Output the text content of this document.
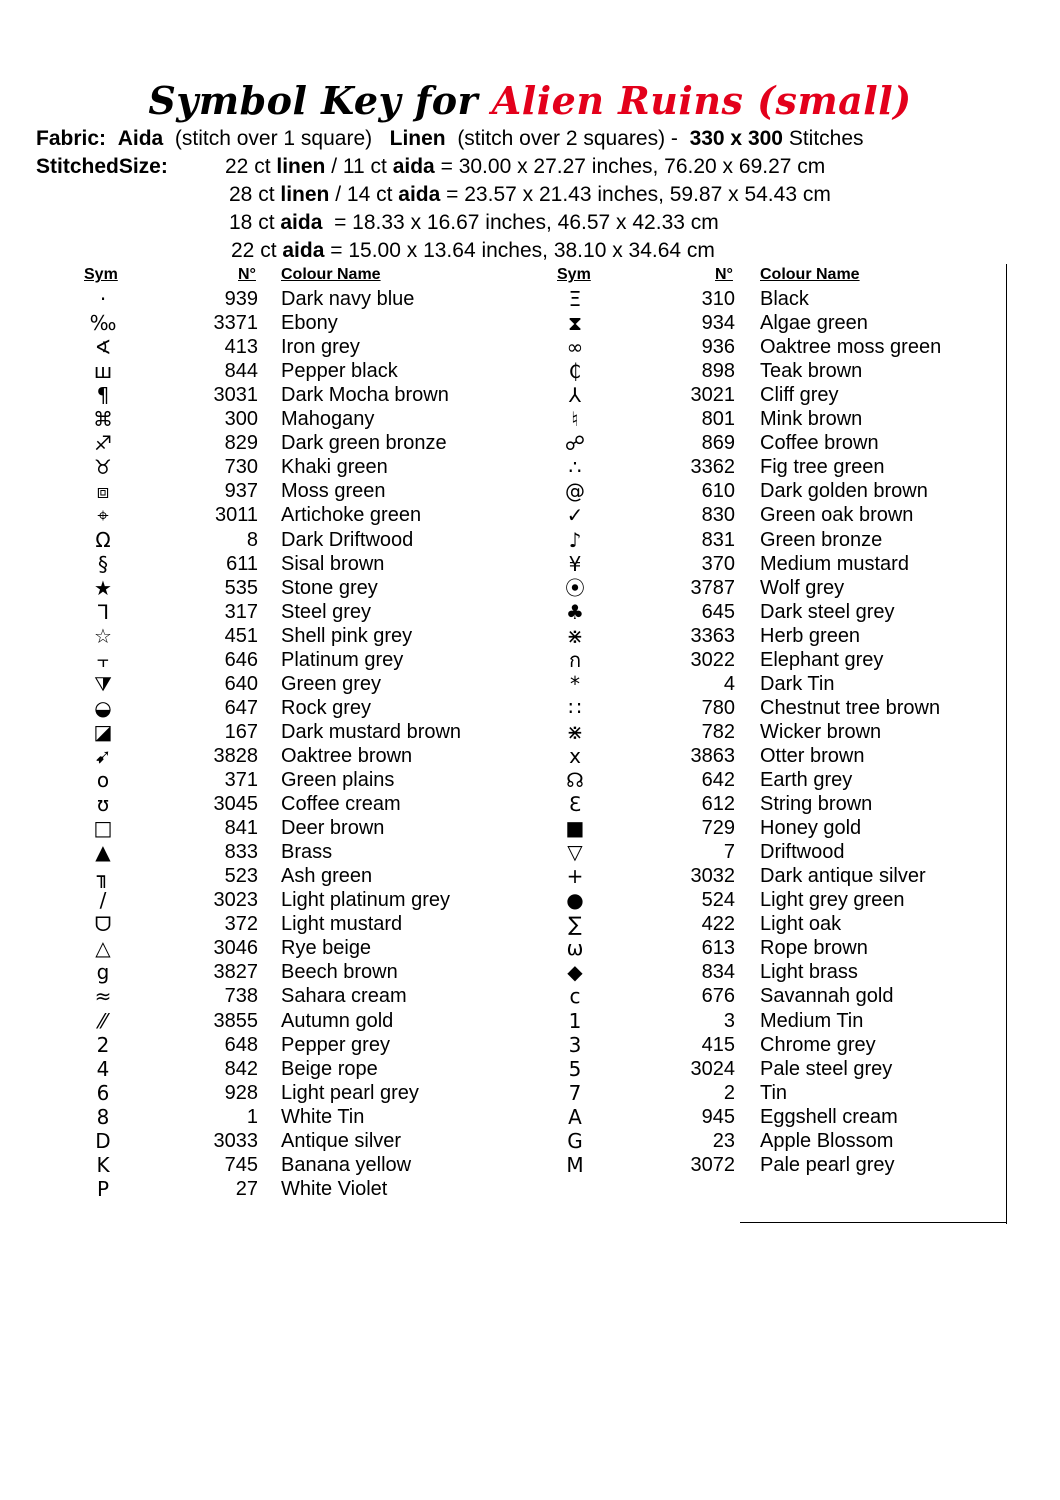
Symbol Key for Alien Ruins (small)
Fabric: Aida (stitch over 1 square) Linen (stitch over 2 squares) - 330 x 300 Stitches
StitchedSize:	22 ct linen / 11 ct aida = 30.00 x 27.27 inches, 76.20 x 69.27 cm
28 ct linen / 14 ct aida = 23.57 x 21.43 inches, 59.87 x 54.43 cm
18 ct aida  = 18.33 x 16.67 inches, 46.57 x 42.33 cm
22 ct aida = 15.00 x 13.64 inches, 38.10 x 34.64 cm
Sym	N° Colour Name	Sym	N° Colour Name
·	939 Dark navy blue
‰	3371 Ebony
∢	413 Iron grey
ш	844 Pepper black
¶	3031 Dark Mocha brown
⌘	300 Mahogany
♐	829 Dark green bronze
♉	730 Khaki green
⧈	937 Moss green
⌖	3011 Artichoke green
Ω	8 Dark Driftwood
§	611 Sisal brown
★	535 Stone grey
ᒣ	317 Steel grey
☆	451 Shell pink grey
⫟	646 Platinum grey
⧩	640 Green grey
◒	647 Rock grey
◪	167 Dark mustard brown
➹	3828 Oaktree brown
o	371 Green plains
ʊ	3045 Coffee cream
□	841 Deer brown
▲	833 Brass
╖	523 Ash green
/	3023 Light platinum grey
ᗜ	372 Light mustard
△	3046 Rye beige
g	3827 Beech brown
≈	738 Sahara cream
⁄⁄	3855 Autumn gold
2	648 Pepper grey
4	842 Beige rope
6	928 Light pearl grey
8	1 White Tin
D	3033 Antique silver
K	745 Banana yellow
P	27 White Violet
Ξ	310 Black
⧗	934 Algae green
∞	936 Oaktree moss green
₵	898 Teak brown
⅄	3021 Cliff grey
♮	801 Mink brown
☍	869 Coffee brown
∴	3362 Fig tree green
@	610 Dark golden brown
✓	830 Green oak brown
♪	831 Green bronze
¥	370 Medium mustard
⦿	3787 Wolf grey
♣	645 Dark steel grey
⋇	3363 Herb green
ก	3022 Elephant grey
*	4 Dark Tin
∷	780 Chestnut tree brown
⋇	782 Wicker brown
x	3863 Otter brown
☊	642 Earth grey
ℇ	612 String brown
■	729 Honey gold
▽	7 Driftwood
+	3032 Dark antique silver
●	524 Light grey green
∑	422 Light oak
ω	613 Rope brown
◆	834 Light brass
ϲ	676 Savannah gold
1	3 Medium Tin
3	415 Chrome grey
5	3024 Pale steel grey
7	2 Tin
A	945 Eggshell cream
G	23 Apple Blossom
M	3072 Pale pearl grey
